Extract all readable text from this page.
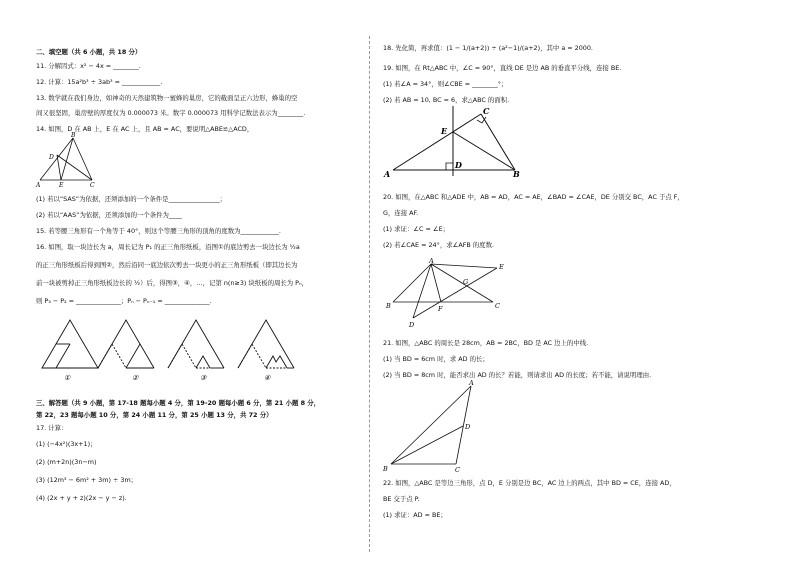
二、填空题（共 6 小题，共 18 分）
11. 分解因式：x² − 4x = ________.
12. 计算：15a²b³ ÷ 3ab³ = ____________.
13. 数学就在我们身边，如神奇的天然建筑物一蜜蜂的巢房，它的截面呈正六边形，蜂巢的空
间又很坚固，巢房壁的厚度仅为 0.000073 米。数字 0.000073 用科学记数法表示为________.
14. 如图，D 在 AB 上，E 在 AC 上，且 AB = AC，要说明△ABE≌△ACD，
B
D
A	E	C
(1) 若以“SAS”为依据，还须添加的一个条件是________________；
(2) 若以“AAS”为依据，还须添加的一个条件为____
15. 若等腰三角形有一个角等于 40°，则这个等腰三角形的顶角的度数为____________.
16. 如图，取一块边长为 a，周长记为 P₁ 的正三角形纸板，沿图①的底边剪去一块边长为 ½a
的正三角形纸板后得到图②，然后沿同一底边依次剪去一块更小的正三角形纸板（即其边长为
前一块被剪掉正三角形纸板边长的 ½）后，得图③，④，…，记第 n(n≥3) 块纸板的周长为 Pₙ，
则 P₃ − P₂ = ______________；Pₙ − Pₙ₋₁ = ______________.
①	②	③	④
三、解答题（共 9 小题，第 17-18 题每小题 4 分，第 19-20 题每小题 6 分，第 21 小题 8 分，
第 22，23 题每小题 10 分，第 24 小题 11 分，第 25 小题 13 分，共 72 分）
17. 计算：
(1) (−4x²)(3x+1)；
(2) (m+2n)(3n−m)
(3) (12m³ − 6m² + 3m) ÷ 3m；
(4) (2x + y + z)(2x − y − z).
18. 先化简，再求值：(1 − 1/(a+2)) ÷ (a²−1)/(a+2)，其中 a = 2000.
19. 如图，在 Rt△ABC 中，∠C = 90°，直线 DE 是边 AB 的垂直平分线，连接 BE.
(1) 若∠A = 34°，则∠CBE = ________°；
(2) 若 AB = 10, BC = 6，求△ABC 的面积.
C
E
D
A	B
20. 如图，在△ABC 和△ADE 中，AB = AD，AC = AE，∠BAD = ∠CAE，DE 分别交 BC，AC 于点 F，
G，连接 AF.
(1) 求证：∠C = ∠E；
(2) 若∠CAE = 24°，求∠AFB 的度数.
A
E
G
B	F	C
D
21. 如图，△ABC 的周长是 28cm，AB = 2BC，BD 是 AC 边上的中线.
(1) 当 BD = 6cm 时，求 AD 的长；
(2) 当 BD = 8cm 时，能否求出 AD 的长？若能，则请求出 AD 的长度；若不能，请说明理由.
A
D
B	C
22. 如图，△ABC 是等边三角形，点 D，E 分别是边 BC，AC 边上的两点，其中 BD = CE，连接 AD，
BE 交于点 P.
(1) 求证：AD = BE；
